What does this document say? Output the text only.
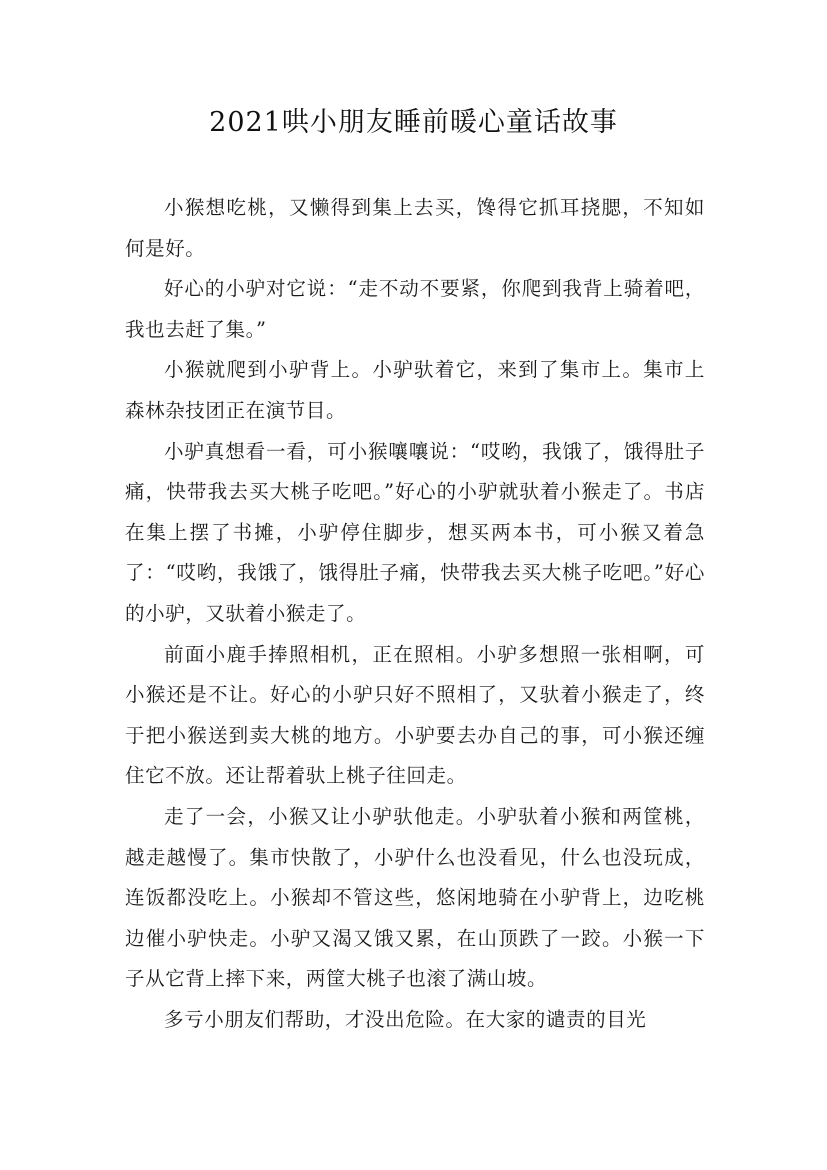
2021哄小朋友睡前暖心童话故事

小猴想吃桃，又懒得到集上去买，馋得它抓耳挠腮，不知如何是好。

好心的小驴对它说：“走不动不要紧，你爬到我背上骑着吧，我也去赶了集。”

小猴就爬到小驴背上。小驴驮着它，来到了集市上。集市上森林杂技团正在演节目。

小驴真想看一看，可小猴嚷嚷说：“哎哟，我饿了，饿得肚子痛，快带我去买大桃子吃吧。”好心的小驴就驮着小猴走了。书店在集上摆了书摊，小驴停住脚步，想买两本书，可小猴又着急了：“哎哟，我饿了，饿得肚子痛，快带我去买大桃子吃吧。”好心的小驴，又驮着小猴走了。

前面小鹿手捧照相机，正在照相。小驴多想照一张相啊，可小猴还是不让。好心的小驴只好不照相了，又驮着小猴走了，终于把小猴送到卖大桃的地方。小驴要去办自己的事，可小猴还缠住它不放。还让帮着驮上桃子往回走。

走了一会，小猴又让小驴驮他走。小驴驮着小猴和两筐桃，越走越慢了。集市快散了，小驴什么也没看见，什么也没玩成，连饭都没吃上。小猴却不管这些，悠闲地骑在小驴背上，边吃桃边催小驴快走。小驴又渴又饿又累，在山顶跌了一跤。小猴一下子从它背上摔下来，两筐大桃子也滚了满山坡。

多亏小朋友们帮助，才没出危险。在大家的谴责的目光
